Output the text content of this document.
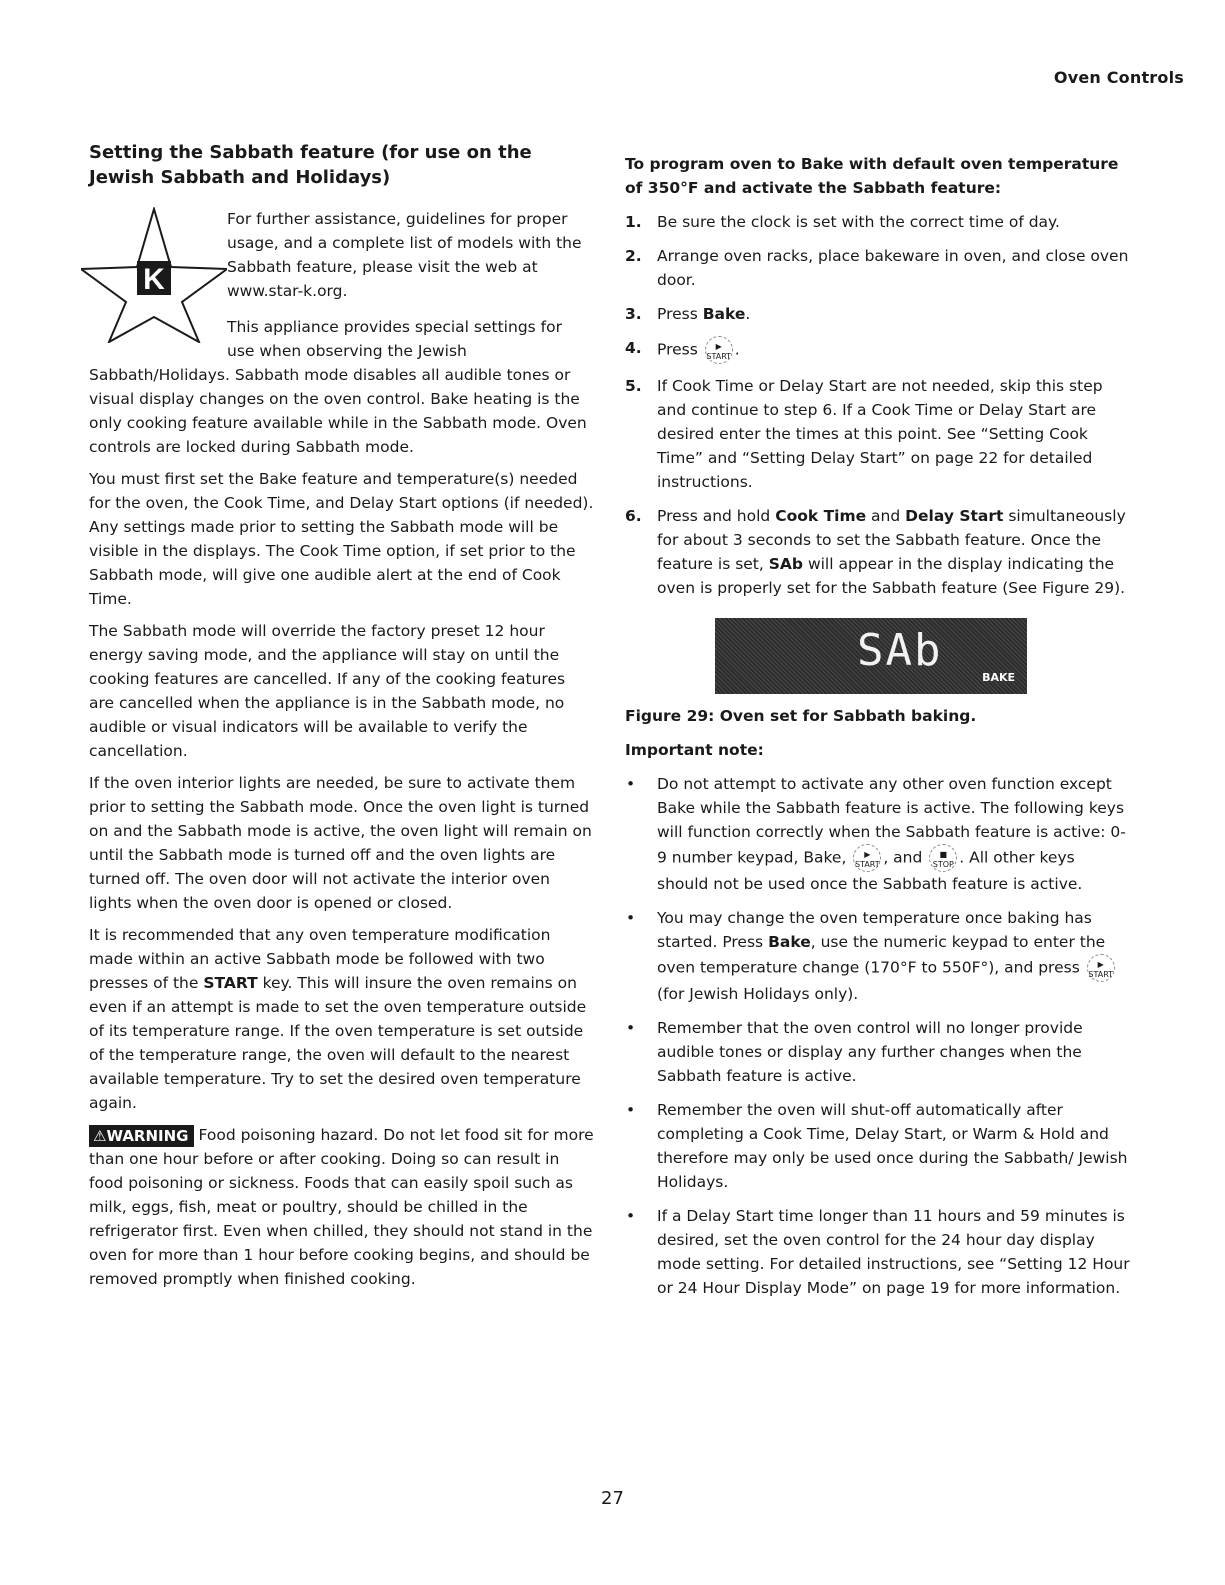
Oven Controls
Setting the Sabbath feature (for use on the Jewish Sabbath and Holidays)
K

For further assistance, guidelines for proper usage, and a complete list of models with the Sabbath feature, please visit the web at www.star-k.org.

This appliance provides special settings for use when observing the Jewish Sabbath/Holidays. Sabbath mode disables all audible tones or visual display changes on the oven control. Bake heating is the only cooking feature available while in the Sabbath mode. Oven controls are locked during Sabbath mode.

You must first set the Bake feature and temperature(s) needed for the oven, the Cook Time, and Delay Start options (if needed). Any settings made prior to setting the Sabbath mode will be visible in the displays. The Cook Time option, if set prior to the Sabbath mode, will give one audible alert at the end of Cook Time.

The Sabbath mode will override the factory preset 12 hour energy saving mode, and the appliance will stay on until the cooking features are cancelled. If any of the cooking features are cancelled when the appliance is in the Sabbath mode, no audible or visual indicators will be available to verify the cancellation.

If the oven interior lights are needed, be sure to activate them prior to setting the Sabbath mode. Once the oven light is turned on and the Sabbath mode is active, the oven light will remain on until the Sabbath mode is turned off and the oven lights are turned off. The oven door will not activate the interior oven lights when the oven door is opened or closed.

It is recommended that any oven temperature modification made within an active Sabbath mode be followed with two presses of the START key. This will insure the oven remains on even if an attempt is made to set the oven temperature outside of its temperature range. If the oven temperature is set outside of the temperature range, the oven will default to the nearest available temperature. Try to set the desired oven temperature again.

⚠WARNING Food poisoning hazard. Do not let food sit for more than one hour before or after cooking. Doing so can result in food poisoning or sickness. Foods that can easily spoil such as milk, eggs, fish, meat or poultry, should be chilled in the refrigerator first. Even when chilled, they should not stand in the oven for more than 1 hour before cooking begins, and should be removed promptly when finished cooking.

To program oven to Bake with default oven temperature of 350°F and activate the Sabbath feature:
1. Be sure the clock is set with the correct time of day.
2. Arrange oven racks, place bakeware in oven, and close oven door.
3. Press Bake.
4. Press	▶
START .
5. If Cook Time or Delay Start are not needed, skip this step and continue to step 6. If a Cook Time or Delay Start are desired enter the times at this point. See “Setting Cook Time” and “Setting Delay Start” on page 22 for detailed instructions.
6. Press and hold Cook Time and Delay Start simultaneously for about 3 seconds to set the Sabbath feature. Once the feature is set, SAb will appear in the display indicating the oven is properly set for the Sabbath feature (See Figure 29).
SAb
BAKE
Figure 29: Oven set for Sabbath baking.
Important note:
• Do not attempt to activate any other oven function except Bake while the Sabbath feature is active. The following keys will function correctly when the Sabbath feature is active: 0-9 number keypad, Bake,	▶
START , and	■
STOP . All other keys should not be used once the Sabbath feature is active.
• You may change the oven temperature once baking has started. Press Bake, use the numeric keypad to enter the oven temperature change (170°F to 550F°), and press	▶
START (for Jewish Holidays only).
• Remember that the oven control will no longer provide audible tones or display any further changes when the Sabbath feature is active.
• Remember the oven will shut-off automatically after completing a Cook Time, Delay Start, or Warm & Hold and therefore may only be used once during the Sabbath/ Jewish Holidays.
• If a Delay Start time longer than 11 hours and 59 minutes is desired, set the oven control for the 24 hour day display mode setting. For detailed instructions, see “Setting 12 Hour or 24 Hour Display Mode” on page 19 for more information.
27
